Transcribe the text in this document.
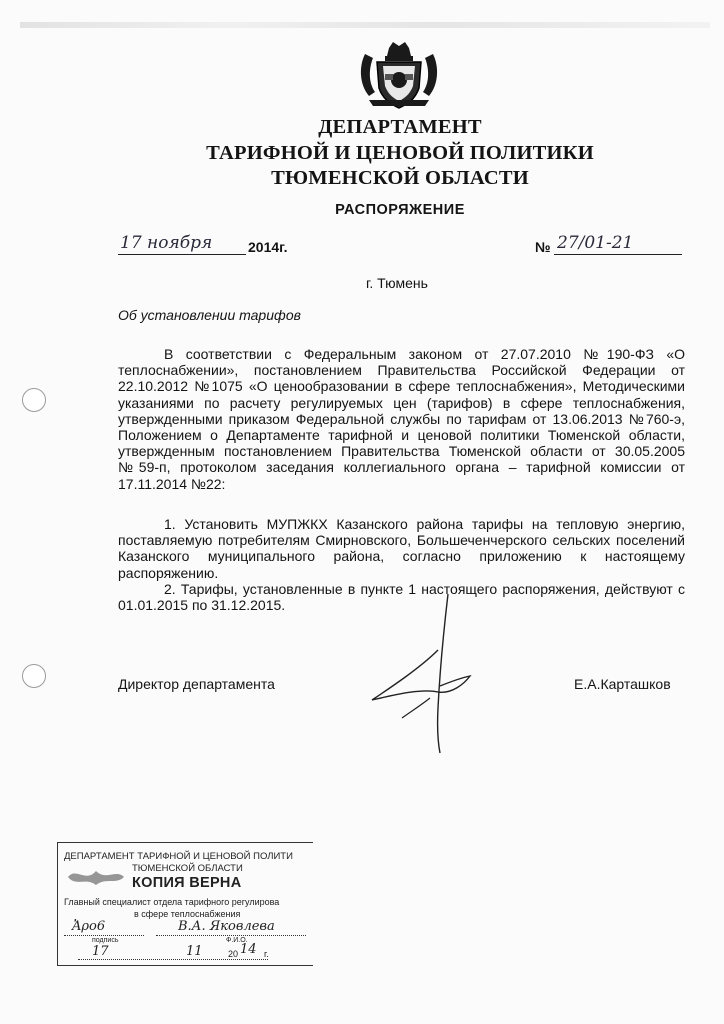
ДЕПАРТАМЕНТ
ТАРИФНОЙ И ЦЕНОВОЙ ПОЛИТИКИ
ТЮМЕНСКОЙ ОБЛАСТИ
РАСПОРЯЖЕНИЕ
17 ноября	2014г.	№ 27/01-21
г. Тюмень
Об установлении тарифов

В соответствии с Федеральным законом от 27.07.2010 №190-ФЗ «О теплоснабжении», постановлением Правительства Российской Федерации от 22.10.2012 №1075 «О ценообразовании в сфере теплоснабжения», Методическими указаниями по расчету регулируемых цен (тарифов) в сфере теплоснабжения, утвержденными приказом Федеральной службы по тарифам от 13.06.2013 №760-э, Положением о Департаменте тарифной и ценовой политики Тюменской области, утвержденным постановлением Правительства Тюменской области от 30.05.2005 №59-п, протоколом заседания коллегиального органа – тарифной комиссии от 17.11.2014 №22:

1. Установить МУПЖКХ Казанского района тарифы на тепловую энергию, поставляемую потребителям Смирновского, Большеченчерского сельских поселений Казанского муниципального района, согласно приложению к настоящему распоряжению.

2. Тарифы, установленные в пункте 1 настоящего распоряжения, действуют с 01.01.2015 по 31.12.2015.

Директор департамента	Е.А.Карташков
ДЕПАРТАМЕНТ ТАРИФНОЙ И ЦЕНОВОЙ ПОЛИТИ
ТЮМЕНСКОЙ ОБЛАСТИ
КОПИЯ ВЕРНА
Главный специалист отдела тарифного регулирова
в сфере теплоснабжения
Ἀρο6	В.А. Яковлева
подпись	Ф.И.О.
17	11	20 14 г.
